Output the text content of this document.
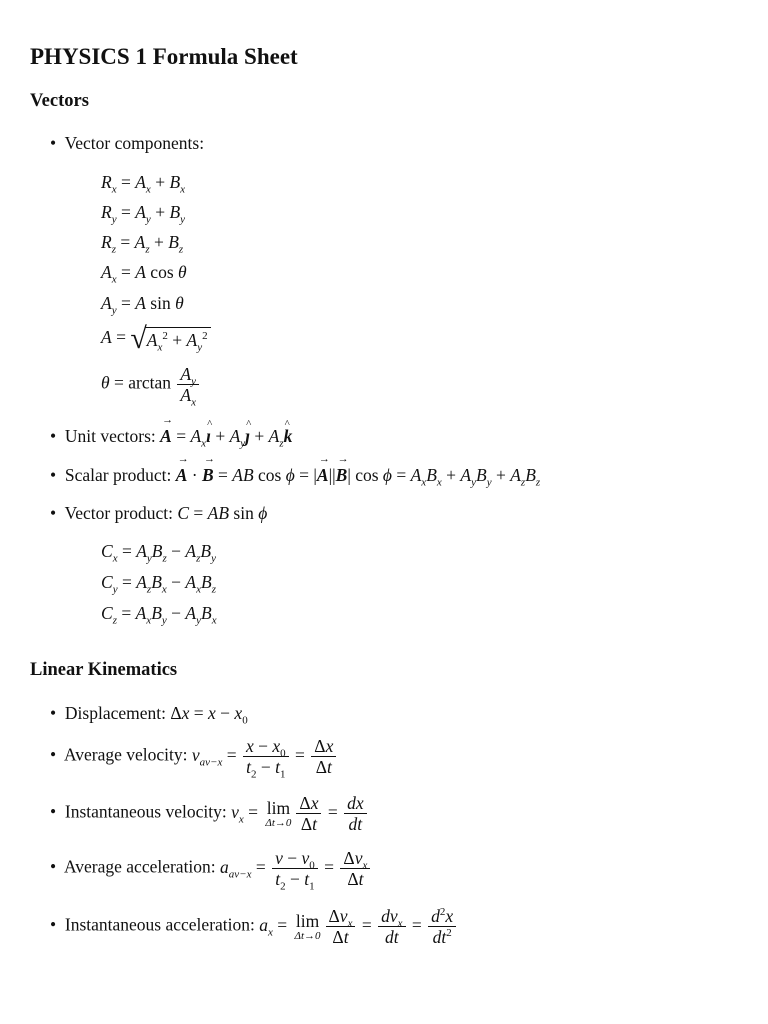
PHYSICS 1 Formula Sheet
Vectors
• Vector components:
$R_x = A_x + B_x$
$R_y = A_y + B_y$
$R_z = A_z + B_z$
$A_x = A$ cos θ
$A_y = A$ sin θ
$A = √A_x^2 + A_y^2$
$\theta = \arctan \frac{A_y}{A_x}$
• Unit vectors: → $A = A_x\^{}$ ı + $A_y\^{}$ ȷ + $A_z\^{}$ k
• Scalar product: → A · → B = AB cos ϕ = |→ A||→ B| $\cos \phi = A_xB_x + A_yB_y + A_zB_z$
• Vector product: C = AB sin ϕ
$C_x = A_yB_z - A_zB_y$
$C_y = A_zB_x - A_xB_z$
$C_z = A_xB_y - A_yB_x$
Linear Kinematics
• Displacement: $\Delta x = x - x_0$
• Average velocity: $v_{av-x} = \frac{x - x_0}{t_2 - t_1} = \frac{\Delta x}{\Delta t}$
• Instantaneous velocity: $v_x = \lim$
$\Delta t\to 0 \frac{\Delta x}{\Delta t} = \frac{dx}{dt}$
• Average acceleration: $a_{av-x} = \frac{v - v_0}{t_2 - t_1} = \frac{\Delta v_x}{\Delta t}$
• Instantaneous acceleration: $a_x = \lim$
$\Delta t\to 0 \frac{\Delta v_x}{\Delta t} = \frac{dv_x}{dt} = \frac{d^2x}{dt^2}$
